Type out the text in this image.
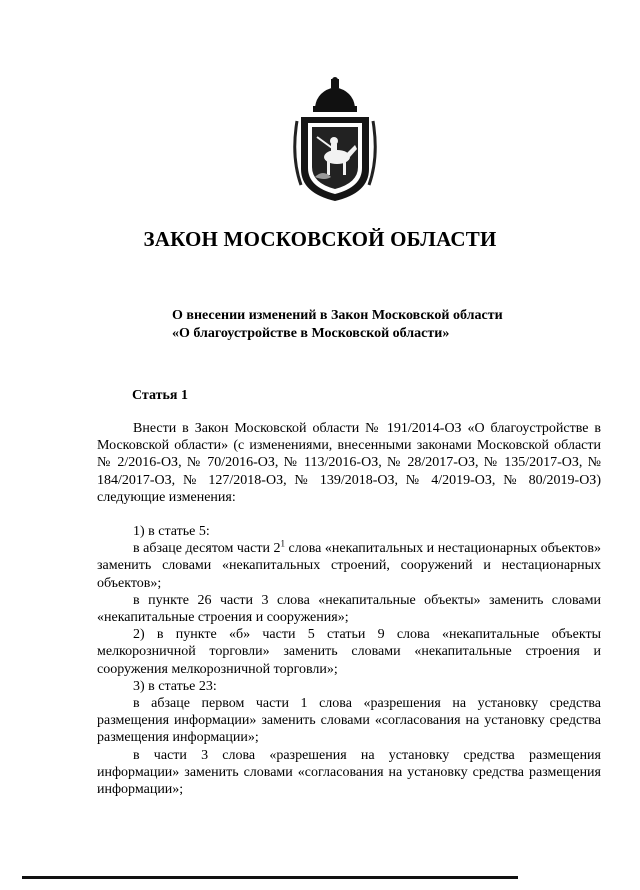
ЗАКОН МОСКОВСКОЙ ОБЛАСТИ
О внесении изменений в Закон Московской области
«О благоустройстве в Московской области»
Статья 1

Внести в Закон Московской области № 191/2014-ОЗ «О благоустройстве в Московской области» (с изменениями, внесенными законами Московской области № 2/2016-ОЗ, № 70/2016-ОЗ, № 113/2016-ОЗ, № 28/2017-ОЗ, № 135/2017-ОЗ, № 184/2017-ОЗ, № 127/2018-ОЗ, № 139/2018-ОЗ, № 4/2019-ОЗ, № 80/2019-ОЗ) следующие изменения:

1) в статье 5:

в абзаце десятом части $2^1$ слова «некапитальных и нестационарных объектов» заменить словами «некапитальных строений, сооружений и нестационарных объектов»;

в пункте 26 части 3 слова «некапитальные объекты» заменить словами «некапитальные строения и сооружения»;

2) в пункте «б» части 5 статьи 9 слова «некапитальные объекты мелкорозничной торговли» заменить словами «некапитальные строения и сооружения мелкорозничной торговли»;

3) в статье 23:

в абзаце первом части 1 слова «разрешения на установку средства размещения информации» заменить словами «согласования на установку средства размещения информации»;

в части 3 слова «разрешения на установку средства размещения информации» заменить словами «согласования на установку средства размещения информации»;
